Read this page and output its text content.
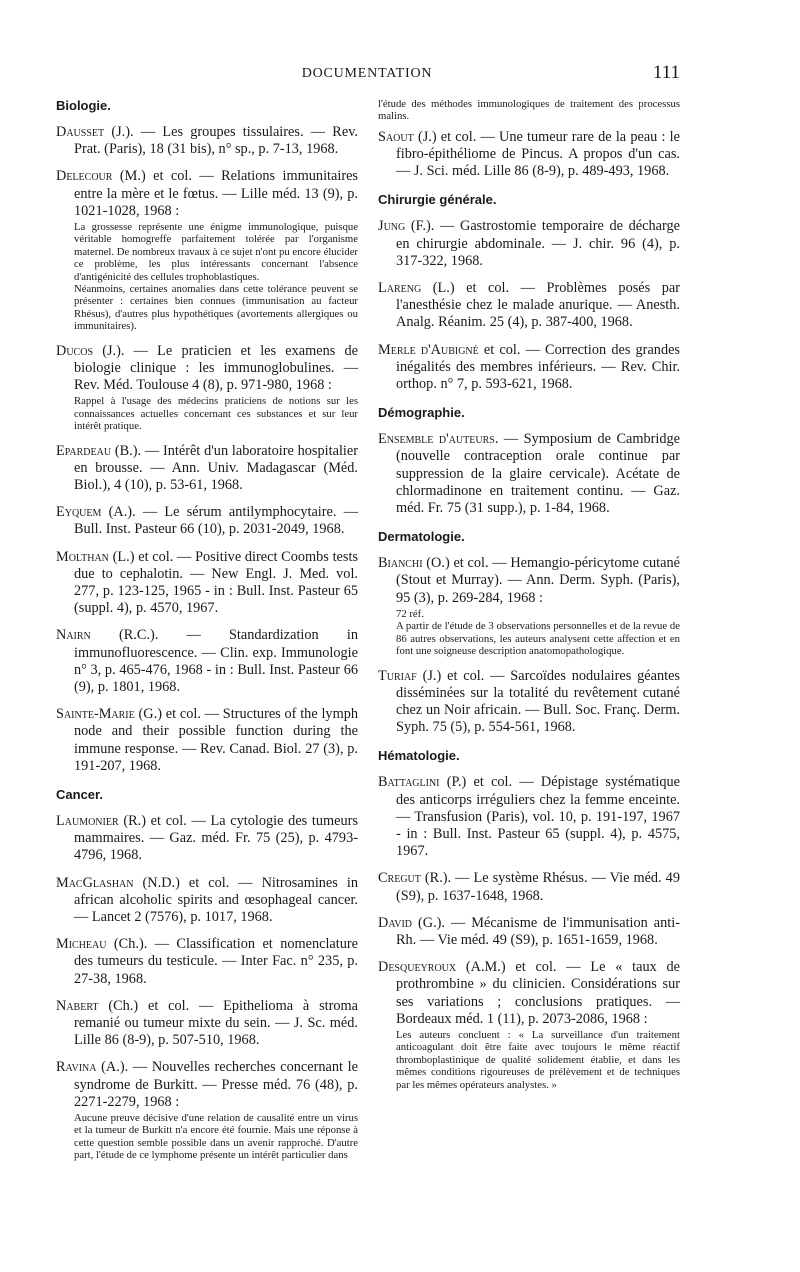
DOCUMENTATION	111
Biologie.
Dausset (J.). — Les groupes tissulaires. — Rev. Prat. (Paris), 18 (31 bis), n° sp., p. 7-13, 1968.
Delecour (M.) et col. — Relations immunitaires entre la mère et le fœtus. — Lille méd. 13 (9), p. 1021-1028, 1968 :
La grossesse représente une énigme immunologique, puisque véritable homogreffe parfaitement tolérée par l'organisme maternel. De nombreux travaux à ce sujet n'ont pu encore élucider ce problème, les plus intéressants concernant l'absence d'antigénicité des cellules trophoblastiques.
Néanmoins, certaines anomalies dans cette tolérance peuvent se présenter : certaines bien connues (immunisation au facteur Rhésus), d'autres plus hypothétiques (avortements allergiques ou immunitaires).
Ducos (J.). — Le praticien et les examens de biologie clinique : les immunoglobulines. — Rev. Méd. Toulouse 4 (8), p. 971-980, 1968 :
Rappel à l'usage des médecins praticiens de notions sur les connaissances actuelles concernant ces substances et sur leur intérêt pratique.
Epardeau (B.). — Intérêt d'un laboratoire hospitalier en brousse. — Ann. Univ. Madagascar (Méd. Biol.), 4 (10), p. 53-61, 1968.
Eyquem (A.). — Le sérum antilymphocytaire. — Bull. Inst. Pasteur 66 (10), p. 2031-2049, 1968.
Molthan (L.) et col. — Positive direct Coombs tests due to cephalotin. — New Engl. J. Med. vol. 277, p. 123-125, 1965 - in : Bull. Inst. Pasteur 65 (suppl. 4), p. 4570, 1967.
Nairn (R.C.). — Standardization in immunofluorescence. — Clin. exp. Immunologie n° 3, p. 465-476, 1968 - in : Bull. Inst. Pasteur 66 (9), p. 1801, 1968.
Sainte-Marie (G.) et col. — Structures of the lymph node and their possible function during the immune response. — Rev. Canad. Biol. 27 (3), p. 191-207, 1968.
Cancer.
Laumonier (R.) et col. — La cytologie des tumeurs mammaires. — Gaz. méd. Fr. 75 (25), p. 4793-4796, 1968.
MacGlashan (N.D.) et col. — Nitrosamines in african alcoholic spirits and œsophageal cancer. — Lancet 2 (7576), p. 1017, 1968.
Micheau (Ch.). — Classification et nomenclature des tumeurs du testicule. — Inter Fac. n° 235, p. 27-38, 1968.
Nabert (Ch.) et col. — Epithelioma à stroma remanié ou tumeur mixte du sein. — J. Sc. méd. Lille 86 (8-9), p. 507-510, 1968.
Ravina (A.). — Nouvelles recherches concernant le syndrome de Burkitt. — Presse méd. 76 (48), p. 2271-2279, 1968 :
Aucune preuve décisive d'une relation de causalité entre un virus et la tumeur de Burkitt n'a encore été fournie. Mais une réponse à cette question semble possible dans un avenir rapproché. D'autre part, l'étude de ce lymphome présente un intérêt particulier dans
l'étude des méthodes immunologiques de traitement des processus malins.
Saout (J.) et col. — Une tumeur rare de la peau : le fibro-épithéliome de Pincus. A propos d'un cas. — J. Sci. méd. Lille 86 (8-9), p. 489-493, 1968.
Chirurgie générale.
Jung (F.). — Gastrostomie temporaire de décharge en chirurgie abdominale. — J. chir. 96 (4), p. 317-322, 1968.
Lareng (L.) et col. — Problèmes posés par l'anesthésie chez le malade anurique. — Anesth. Analg. Réanim. 25 (4), p. 387-400, 1968.
Merle d'Aubigné et col. — Correction des grandes inégalités des membres inférieurs. — Rev. Chir. orthop. n° 7, p. 593-621, 1968.
Démographie.
Ensemble d'auteurs. — Symposium de Cambridge (nouvelle contraception orale continue par suppression de la glaire cervicale). Acétate de chlormadinone en traitement continu. — Gaz. méd. Fr. 75 (31 supp.), p. 1-84, 1968.
Dermatologie.
Bianchi (O.) et col. — Hemangio-péricytome cutané (Stout et Murray). — Ann. Derm. Syph. (Paris), 95 (3), p. 269-284, 1968 :
72 réf.
A partir de l'étude de 3 observations personnelles et de la revue de 86 autres observations, les auteurs analysent cette affection et en font une soigneuse description anatomopathologique.
Turiaf (J.) et col. — Sarcoïdes nodulaires géantes disséminées sur la totalité du revêtement cutané chez un Noir africain. — Bull. Soc. Franç. Derm. Syph. 75 (5), p. 554-561, 1968.
Hématologie.
Battaglini (P.) et col. — Dépistage systématique des anticorps irréguliers chez la femme enceinte. — Transfusion (Paris), vol. 10, p. 191-197, 1967 - in : Bull. Inst. Pasteur 65 (suppl. 4), p. 4575, 1967.
Cregut (R.). — Le système Rhésus. — Vie méd. 49 (S9), p. 1637-1648, 1968.
David (G.). — Mécanisme de l'immunisation anti-Rh. — Vie méd. 49 (S9), p. 1651-1659, 1968.
Desqueyroux (A.M.) et col. — Le « taux de prothrombine » du clinicien. Considérations sur ses variations ; conclusions pratiques. — Bordeaux méd. 1 (11), p. 2073-2086, 1968 :
Les auteurs concluent : « La surveillance d'un traitement anticoagulant doit être faite avec toujours le même réactif thromboplastinique de qualité solidement établie, et dans les mêmes conditions rigoureuses de prélèvement et de techniques par les mêmes opérateurs analystes. »
